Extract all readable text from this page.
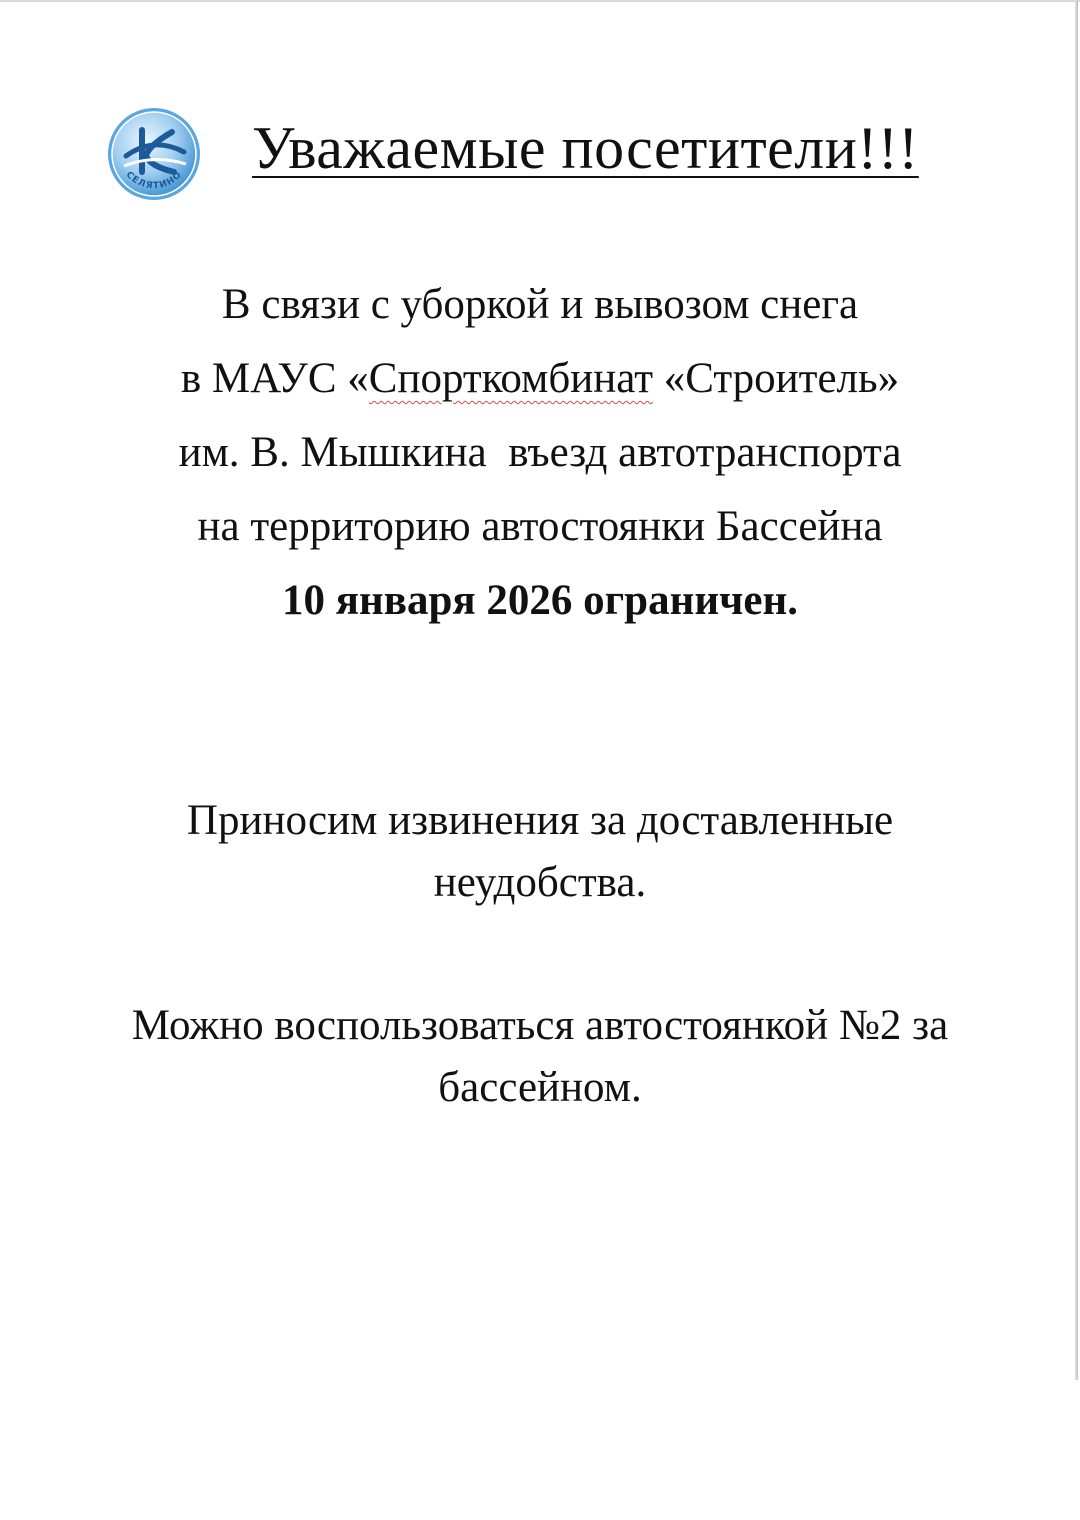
СЕЛЯТИНО Уважаемые посетители!!!
В связи с уборкой и вывозом снега
в МАУС «Спорткомбинат «Строитель»
им. В. Мышкина  въезд автотранспорта
на территорию автостоянки Бассейна
10 января 2026 ограничен.
Приносим извинения за доставленные
неудобства.
Можно воспользоваться автостоянкой №2 за
бассейном.
